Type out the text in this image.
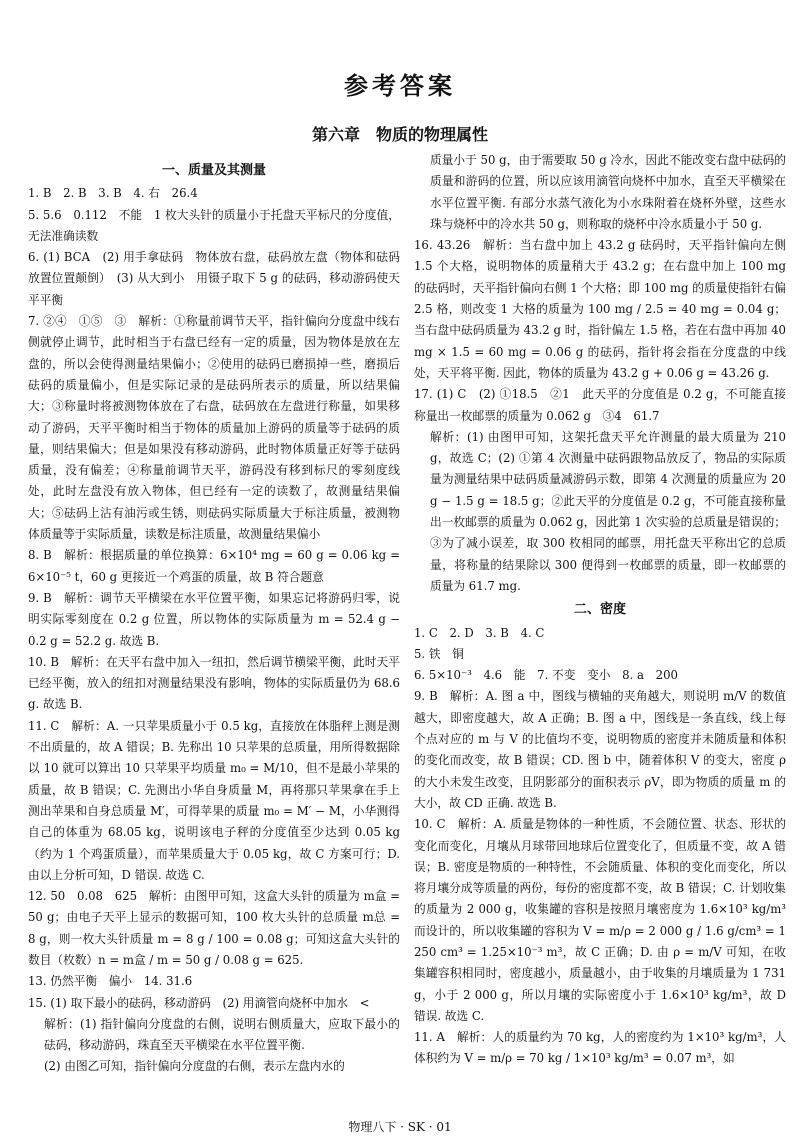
参考答案
第六章　物质的物理属性
一、质量及其测量
1. B　2. B　3. B　4. 右　26.4
5. 5.6　0.112　不能　1 枚大头针的质量小于托盘天平标尺的分度值，无法准确读数
6. (1) BCA　(2) 用手拿砝码　物体放右盘，砝码放左盘（物体和砝码放置位置颠倒）　(3) 从大到小　用镊子取下 5 g 的砝码，移动游码使天平平衡
7. ②④　①⑤　③　解析：①称量前调节天平，指针偏向分度盘中线右侧就停止调节，此时相当于右盘已经有一定的质量，因为物体是放在左盘的，所以会使得测量结果偏小；②使用的砝码已磨损掉一些，磨损后砝码的质量偏小，但是实际记录的是砝码所表示的质量，所以结果偏大；③称量时将被测物体放在了右盘，砝码放在左盘进行称量，如果移动了游码，天平平衡时相当于物体的质量加上游码的质量等于砝码的质量，则结果偏大；但是如果没有移动游码，此时物体质量正好等于砝码质量，没有偏差；④称量前调节天平，游码没有移到标尺的零刻度线处，此时左盘没有放入物体，但已经有一定的读数了，故测量结果偏大；⑤砝码上沾有油污或生锈，则砝码实际质量大于标注质量，被测物体质量等于实际质量，读数是标注质量，故测量结果偏小
8. B　解析：根据质量的单位换算：6×10⁴ mg = 60 g = 0.06 kg = 6×10⁻⁵ t，60 g 更接近一个鸡蛋的质量，故 B 符合题意
9. B　解析：调节天平横梁在水平位置平衡，如果忘记将游码归零，说明实际零刻度在 0.2 g 位置，所以物体的实际质量为 m = 52.4 g − 0.2 g = 52.2 g. 故选 B.
10. B　解析：在天平右盘中加入一纽扣，然后调节横梁平衡，此时天平已经平衡，放入的纽扣对测量结果没有影响，物体的实际质量仍为 68.6 g. 故选 B.
11. C　解析：A. 一只苹果质量小于 0.5 kg，直接放在体脂秤上测是测不出质量的，故 A 错误；B. 先称出 10 只苹果的总质量，用所得数据除以 10 就可以算出 10 只苹果平均质量 m₀ = M/10，但不是最小苹果的质量，故 B 错误；C. 先测出小华自身质量 M，再将那只苹果拿在手上测出苹果和自身总质量 M′，可得苹果的质量 m₀ = M′ − M，小华测得自己的体重为 68.05 kg，说明该电子秤的分度值至少达到 0.05 kg（约为 1 个鸡蛋质量），而苹果质量大于 0.05 kg，故 C 方案可行；D. 由以上分析可知，D 错误. 故选 C.
12. 50　0.08　625　解析：由图甲可知，这盒大头针的质量为 m盒 = 50 g；由电子天平上显示的数据可知，100 枚大头针的总质量 m总 = 8 g，则一枚大头针质量 m = 8 g / 100 = 0.08 g；可知这盒大头针的数目（枚数）n = m盒 / m = 50 g / 0.08 g = 625.
13. 仍然平衡　偏小　14. 31.6
15. (1) 取下最小的砝码，移动游码　(2) 用滴管向烧杯中加水　<
解析：(1) 指针偏向分度盘的右侧，说明右侧质量大，应取下最小的砝码，移动游码，珠直至天平横梁在水平位置平衡.
(2) 由图乙可知，指针偏向分度盘的右侧，表示左盘内水的
质量小于 50 g，由于需要取 50 g 冷水，因此不能改变右盘中砝码的质量和游码的位置，所以应该用滴管向烧杯中加水，直至天平横梁在水平位置平衡. 有部分水蒸气液化为小水珠附着在烧杯外壁，这些水珠与烧杯中的冷水共 50 g，则称取的烧杯中冷水质量小于 50 g.
16. 43.26　解析：当右盘中加上 43.2 g 砝码时，天平指针偏向左侧 1.5 个大格，说明物体的质量稍大于 43.2 g；在右盘中加上 100 mg 的砝码时，天平指针偏向右侧 1 个大格；即 100 mg 的质量使指针右偏 2.5 格，则改变 1 大格的质量为 100 mg / 2.5 = 40 mg = 0.04 g；当右盘中砝码质量为 43.2 g 时，指针偏左 1.5 格，若在右盘中再加 40 mg × 1.5 = 60 mg = 0.06 g 的砝码，指针将会指在分度盘的中线处，天平将平衡. 因此，物体的质量为 43.2 g + 0.06 g = 43.26 g.
17. (1) C　(2) ①18.5　②1　此天平的分度值是 0.2 g，不可能直接称量出一枚邮票的质量为 0.062 g　③4　61.7
解析：(1) 由图甲可知，这架托盘天平允许测量的最大质量为 210 g，故选 C；(2) ①第 4 次测量中砝码跟物品放反了，物品的实际质量为测量结果中砝码质量减游码示数，即第 4 次测量的质量应为 20 g − 1.5 g = 18.5 g；②此天平的分度值是 0.2 g，不可能直接称量出一枚邮票的质量为 0.062 g，因此第 1 次实验的总质量是错误的；③为了减小误差，取 300 枚相同的邮票，用托盘天平称出它的总质量，将称量的结果除以 300 便得到一枚邮票的质量，即一枚邮票的质量为 61.7 mg.
二、密度
1. C　2. D　3. B　4. C
5. 铁　铜
6. 5×10⁻³　4.6　能　7. 不变　变小　8. a　200
9. B　解析：A. 图 a 中，图线与横轴的夹角越大，则说明 m/V 的数值越大，即密度越大，故 A 正确；B. 图 a 中，图线是一条直线，线上每个点对应的 m 与 V 的比值均不变，说明物质的密度并未随质量和体积的变化而改变，故 B 错误；CD. 图 b 中，随着体积 V 的变大，密度 ρ 的大小未发生改变，且阴影部分的面积表示 ρV，即为物质的质量 m 的大小，故 CD 正确. 故选 B.
10. C　解析：A. 质量是物体的一种性质，不会随位置、状态、形状的变化而变化，月壤从月球带回地球后位置变化了，但质量不变，故 A 错误；B. 密度是物质的一种特性，不会随质量、体积的变化而变化，所以将月壤分成等质量的两份，每份的密度都不变，故 B 错误；C. 计划收集的质量为 2 000 g，收集罐的容积是按照月壤密度为 1.6×10³ kg/m³ 而设计的，所以收集罐的容积为 V = m/ρ = 2 000 g / 1.6 g/cm³ = 1 250 cm³ = 1.25×10⁻³ m³，故 C 正确；D. 由 ρ = m/V 可知，在收集罐容积相同时，密度越小，质量越小，由于收集的月壤质量为 1 731 g，小于 2 000 g，所以月壤的实际密度小于 1.6×10³ kg/m³，故 D 错误. 故选 C.
11. A　解析：人的质量约为 70 kg，人的密度约为 1×10³ kg/m³，人体积约为 V = m/ρ = 70 kg / 1×10³ kg/m³ = 0.07 m³，如
物理八下 · SK · 01
